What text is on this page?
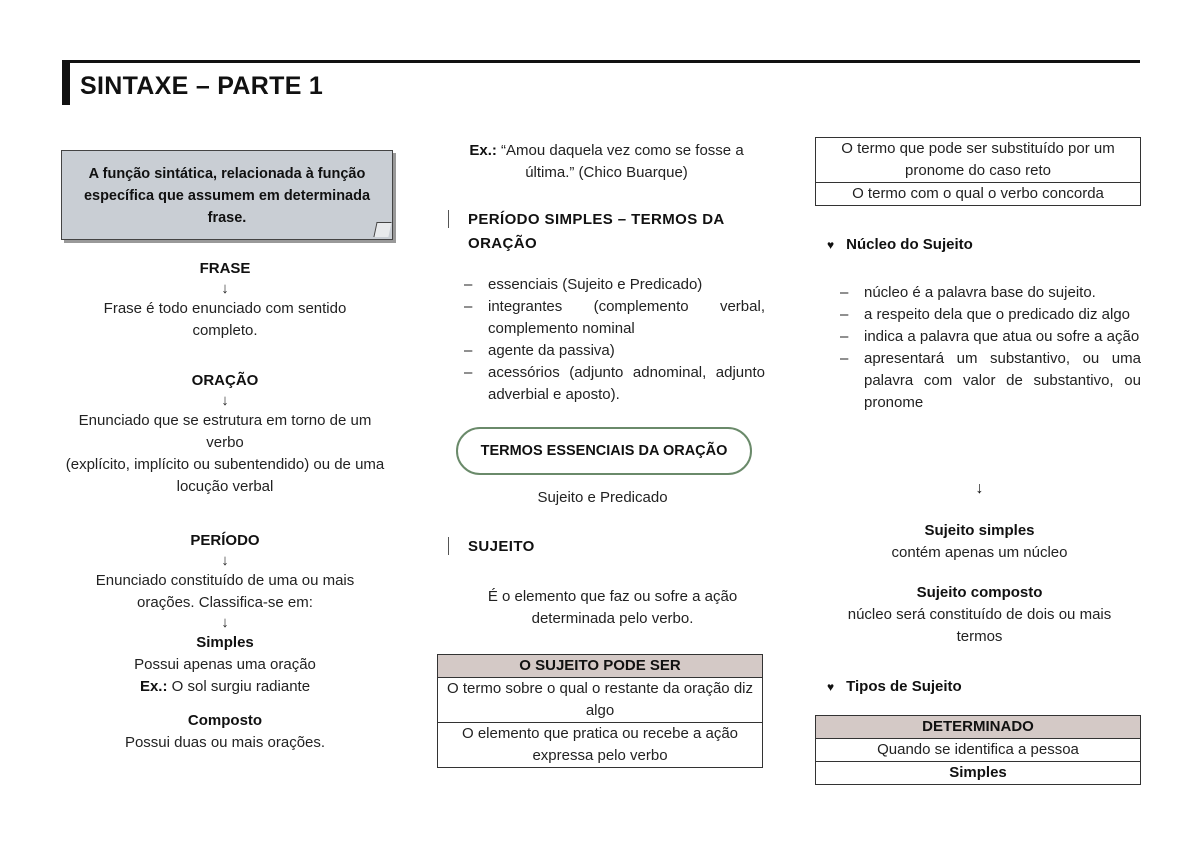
SINTAXE – PARTE 1
A função sintática, relacionada à função específica que assumem em determinada frase.
FRASE
↓
Frase é todo enunciado com sentido completo.
ORAÇÃO
↓
Enunciado que se estrutura em torno de um verbo
(explícito, implícito ou subentendido) ou de uma locução verbal
PERÍODO
↓
Enunciado constituído de uma ou mais orações. Classifica-se em:
↓
Simples
Possui apenas uma oração
Ex.: O sol surgiu radiante
Composto
Possui duas ou mais orações.
Ex.: “Amou daquela vez como se fosse a última.” (Chico Buarque)
PERÍODO SIMPLES – TERMOS DA ORAÇÃO
– essenciais (Sujeito e Predicado)
– integrantes (complemento verbal, complemento nominal
– agente da passiva)
– acessórios (adjunto adnominal, adjunto adverbial e aposto).
TERMOS ESSENCIAIS DA ORAÇÃO
Sujeito e Predicado
SUJEITO
É o elemento que faz ou sofre a ação determinada pelo verbo.
O SUJEITO PODE SER
O termo sobre o qual o restante da oração diz algo
O elemento que pratica ou recebe a ação expressa pelo verbo
O termo que pode ser substituído por um pronome do caso reto
O termo com o qual o verbo concorda
♥ Núcleo do Sujeito
– núcleo é a palavra base do sujeito.
– a respeito dela que o predicado diz algo
– indica a palavra que atua ou sofre a ação
– apresentará um substantivo, ou uma palavra com valor de substantivo, ou pronome
↓
Sujeito simples
contém apenas um núcleo
Sujeito composto
núcleo será constituído de dois ou mais termos
♥ Tipos de Sujeito
DETERMINADO
Quando se identifica a pessoa
Simples
